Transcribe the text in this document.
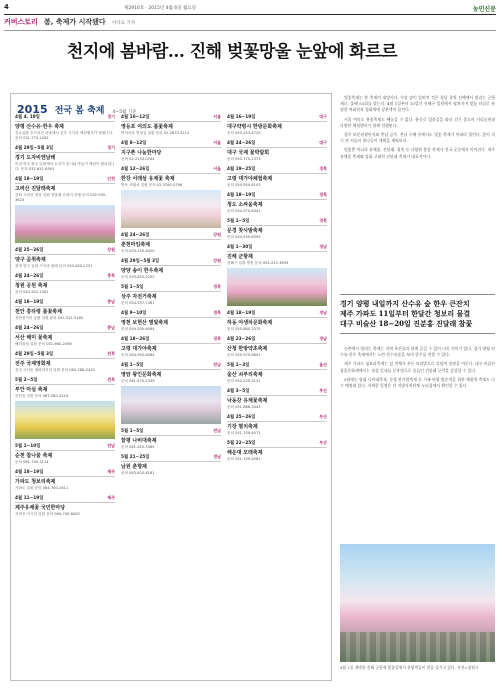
4	제2910호 · 2015년 4월 6일 월요일	농민신문
커버스토리 봄, 축제가 시작됐다 이다요 기자
천지에 봄바람… 진해 벚꽃망울 눈앞에 화르르
2015 전국 봄 축제 4~5월 기준
4월 4. 19일	경기
양평 산수유·한우 축제
산수유꽃 흐드러진 마을에서 한우 시식과 체험행사가 열립니다. 문의 031-770-1005
4월 29일~5월 3일	경기
경기 도자비엔날레
이천·여주·광주 일원에서 도자기 전시와 만들기 체험이 펼쳐집니다. 문의 031-631-6501
4월 18~19일	인천
고려산 진달래축제
강화 고려산 정상 일원 진달래 군락지 산행 문의 032-930-3623
4월 25~26일	강원
양구 곰취축제
청정 양구 곰취 시식과 판매 문의 033-480-2251
4월 24~26일	충북
청원 공원 축제
문의 043-201-1561
4월 18~19일	충남
천안 흥타령 봄꽃축제
천안삼거리 공원 일원 문의 041-521-5160
4월 24~26일	충남
서산 해미 꽃축제
해미읍성 일원 문의 041-660-2498
4월 29일~5월 3일	전북
전주 국제영화제
전주 고사동 영화의거리 일원 문의 063-288-5433
5월 2~5일	전북
부안 마실 축제
부안읍 일원 문의 063-580-4224
5월 1~10일	전남
순천 참나물 축제
문의 061-749-3114
4월 18~19일	제주
가파도 청보리축제
가파도 일원 문의 064-760-2611
4월 11~19일	제주
제주유채꽃 국민한마당
서귀포 가시리 일원 문의 064-740-6000
4월 10~12일	서울
영등포 여의도 봄꽃축제
여의서로 벚꽃길 일원 문의 02-2670-3114
4월 8~12일	서울
지구촌 나눔한마당
문의 02-2133-0744
4월 12~26일	서울
한강 서래섬 유채꽃 축제
반포 서래섬 일원 문의 02-3780-0796
4월 24~26일	강원
춘천마임축제
문의 033-250-4020
4월 29일~5월 3일	강원
양양 송이 한우축제
문의 033-670-2252
5월 1~5일	경북
상주 자전거축제
문의 054-537-7461
4월 9~10일	경북
영천 보현산 별빛축제
문의 054-330-6064
4월 18~26일	경북
고령 대가야축제
문의 054-950-6064
4월 1~5일	전남
영암 왕인문화축제
문의 061-470-2349
5월 1~5일	전남
함평 나비대축제
문의 061-320-3365
5월 21~25일	경남
남원 춘향제
문의 063-620-6181
4월 16~19일	대구
대구약령시 한방문화축제
문의 053-253-4729
4월 24~26일	대구
대구 국제 꽃박람회
문의 053-770-1373
4월 19~25일	경북
고령 대가야체험축제
문의 054-950-6103
4월 18~19일	경북
청도 소싸움축제
문의 054-370-6341
5월 1~5일	경북
문경 찻사발축제
문의 054-550-6395
4월 1~30일	경남
진해 군항제
진해구 일원 벚꽃 문의 055-225-3693
4월 18~19일	경남
하동 야생차문화축제
문의 055-880-2375
4월 23~26일	경남
산청 한방약초축제
문의 055-970-6601
5월 1~3일	울산
울산 쇠부리축제
문의 052-229-3131
4월 3~5일	부산
낙동강 유채꽃축제
문의 051-888-3443
4월 25~26일	부산
기장 멸치축제
문의 051-709-4073
5월 22~25일	부산
해운대 모래축제
문의 051-749-4081

벚꽃축제는 봄 축제의 대명사다. 가장 많이 알려진 것은 경남 창원 진해에서 열리는 군항제로, 올해 53회를 맞는다. 4월 1일부터 10일간 진해구 일원에서 펼쳐지며 벚꽃 터널로 유명한 여좌천과 경화역에 상춘객이 몰린다.

서울 여의도 봄꽃축제도 빼놓을 수 없다. 윤중로 벚꽃길을 따라 걷기 좋으며 거리공연과 다양한 체험행사가 함께 진행된다.

경주 보문관광단지와 충남 공주, 전남 구례 등에서도 벚꽃 축제가 잇따라 열린다. 꽃이 지기 전 서둘러 봄나들이 계획을 세워보자.

벚꽃뿐 아니라 유채꽃, 진달래, 철쭉 등 다양한 봄꽃 축제가 전국 곳곳에서 이어진다. 제주 유채꽃 축제와 강화 고려산 진달래 축제가 대표적이다.

경기 양평 내일까지 산수유 숲 한우 큰잔치
제주 가파도 11일부터 한달간 청보리 물결
대구 비슬산 18~20일 진분홍 진달래 참꽃

농촌에서 열리는 축제는 지역 특산물과 함께 즐길 수 있어 더욱 의미가 있다. 경기 양평 산수유·한우 축제에서는 노란 산수유꽃을 보며 한우를 맛볼 수 있다.

제주 가파도 청보리축제는 섬 전체가 푸른 보리밭으로 뒤덮여 장관을 이룬다. 대구 비슬산 참꽃문화제에서는 정상 일대를 분홍빛으로 물들인 진달래 군락을 감상할 수 있다.

5월에는 함평 나비대축제, 문경 찻사발축제 등 가족 단위 방문객을 위한 체험형 축제도 다수 예정돼 있다. 자세한 일정은 각 지방자치단체 누리집에서 확인할 수 있다.

4월 1일 개막한 진해 군항제 벚꽃길에서 관광객들이 봄을 즐기고 있다. 사진=창원시
